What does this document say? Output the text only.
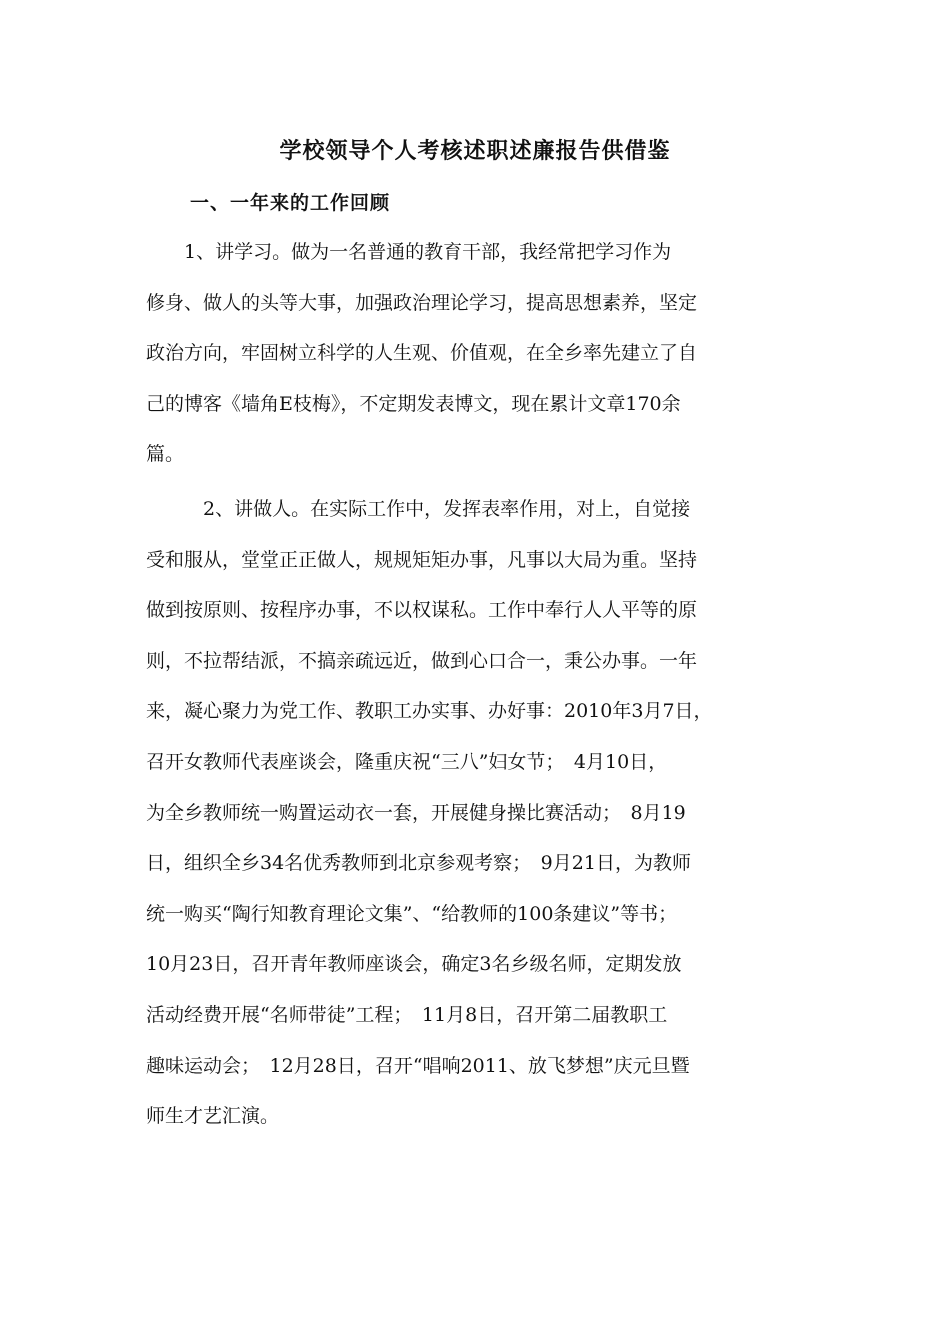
学校领导个人考核述职述廉报告供借鉴
一、一年来的工作回顾
　　1、讲学习。做为一名普通的教育干部，我经常把学习作为
修身、做人的头等大事，加强政治理论学习，提高思想素养，坚定
政治方向，牢固树立科学的人生观、价值观，在全乡率先建立了自
己的博客《墙角E枝梅》，不定期发表博文，现在累计文章170余
篇。
　　　2、讲做人。在实际工作中，发挥表率作用，对上，自觉接
受和服从，堂堂正正做人，规规矩矩办事，凡事以大局为重。坚持
做到按原则、按程序办事，不以权谋私。工作中奉行人人平等的原
则，不拉帮结派，不搞亲疏远近，做到心口合一，秉公办事。一年
来，凝心聚力为党工作、教职工办实事、办好事：2010年3月7日，
召开女教师代表座谈会，隆重庆祝“三八”妇女节；　4月10日，
为全乡教师统一购置运动衣一套，开展健身操比赛活动；　8月19
日，组织全乡34名优秀教师到北京参观考察；　9月21日，为教师
统一购买“陶行知教育理论文集”、“给教师的100条建议”等书；
10月23日，召开青年教师座谈会，确定3名乡级名师，定期发放
活动经费开展“名师带徒”工程；　11月8日，召开第二届教职工
趣味运动会；　12月28日，召开“唱响2011、放飞梦想”庆元旦暨
师生才艺汇演。
